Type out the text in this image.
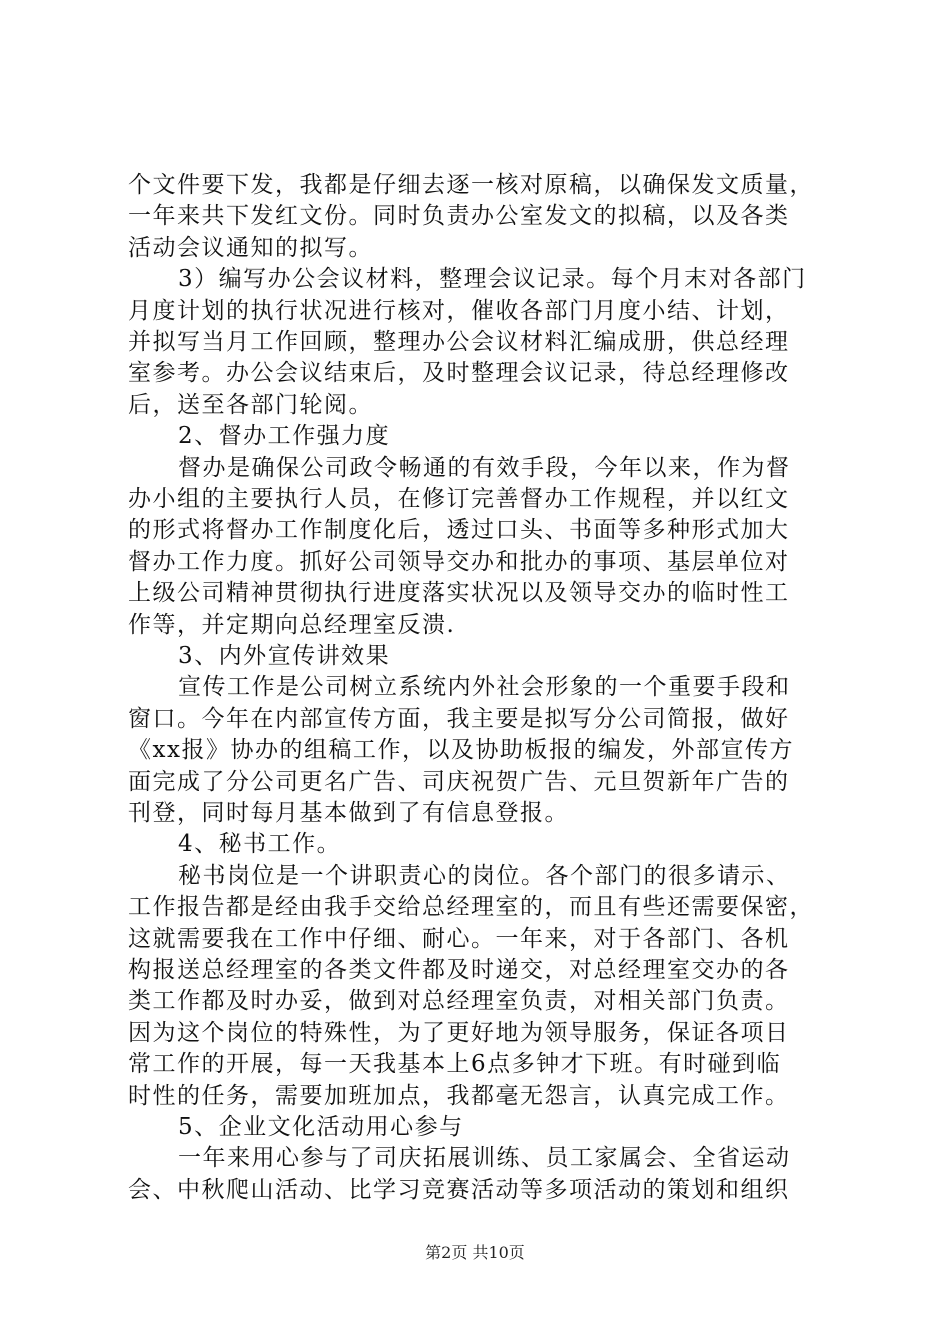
个文件要下发，我都是仔细去逐一核对原稿，以确保发文质量，
一年来共下发红文份。同时负责办公室发文的拟稿，以及各类
活动会议通知的拟写。
3）编写办公会议材料，整理会议记录。每个月末对各部门
月度计划的执行状况进行核对，催收各部门月度小结、计划，
并拟写当月工作回顾，整理办公会议材料汇编成册，供总经理
室参考。办公会议结束后，及时整理会议记录，待总经理修改
后，送至各部门轮阅。
2、督办工作强力度
督办是确保公司政令畅通的有效手段，今年以来，作为督
办小组的主要执行人员，在修订完善督办工作规程，并以红文
的形式将督办工作制度化后，透过口头、书面等多种形式加大
督办工作力度。抓好公司领导交办和批办的事项、基层单位对
上级公司精神贯彻执行进度落实状况以及领导交办的临时性工
作等，并定期向总经理室反溃.
3、内外宣传讲效果
宣传工作是公司树立系统内外社会形象的一个重要手段和
窗口。今年在内部宣传方面，我主要是拟写分公司简报，做好
《xx报》协办的组稿工作，以及协助板报的编发，外部宣传方
面完成了分公司更名广告、司庆祝贺广告、元旦贺新年广告的
刊登，同时每月基本做到了有信息登报。
4、秘书工作。
秘书岗位是一个讲职责心的岗位。各个部门的很多请示、
工作报告都是经由我手交给总经理室的，而且有些还需要保密，
这就需要我在工作中仔细、耐心。一年来，对于各部门、各机
构报送总经理室的各类文件都及时递交，对总经理室交办的各
类工作都及时办妥，做到对总经理室负责，对相关部门负责。
因为这个岗位的特殊性，为了更好地为领导服务，保证各项日
常工作的开展，每一天我基本上6点多钟才下班。有时碰到临
时性的任务，需要加班加点，我都毫无怨言，认真完成工作。
5、企业文化活动用心参与
一年来用心参与了司庆拓展训练、员工家属会、全省运动
会、中秋爬山活动、比学习竞赛活动等多项活动的策划和组织
第2页 共10页
